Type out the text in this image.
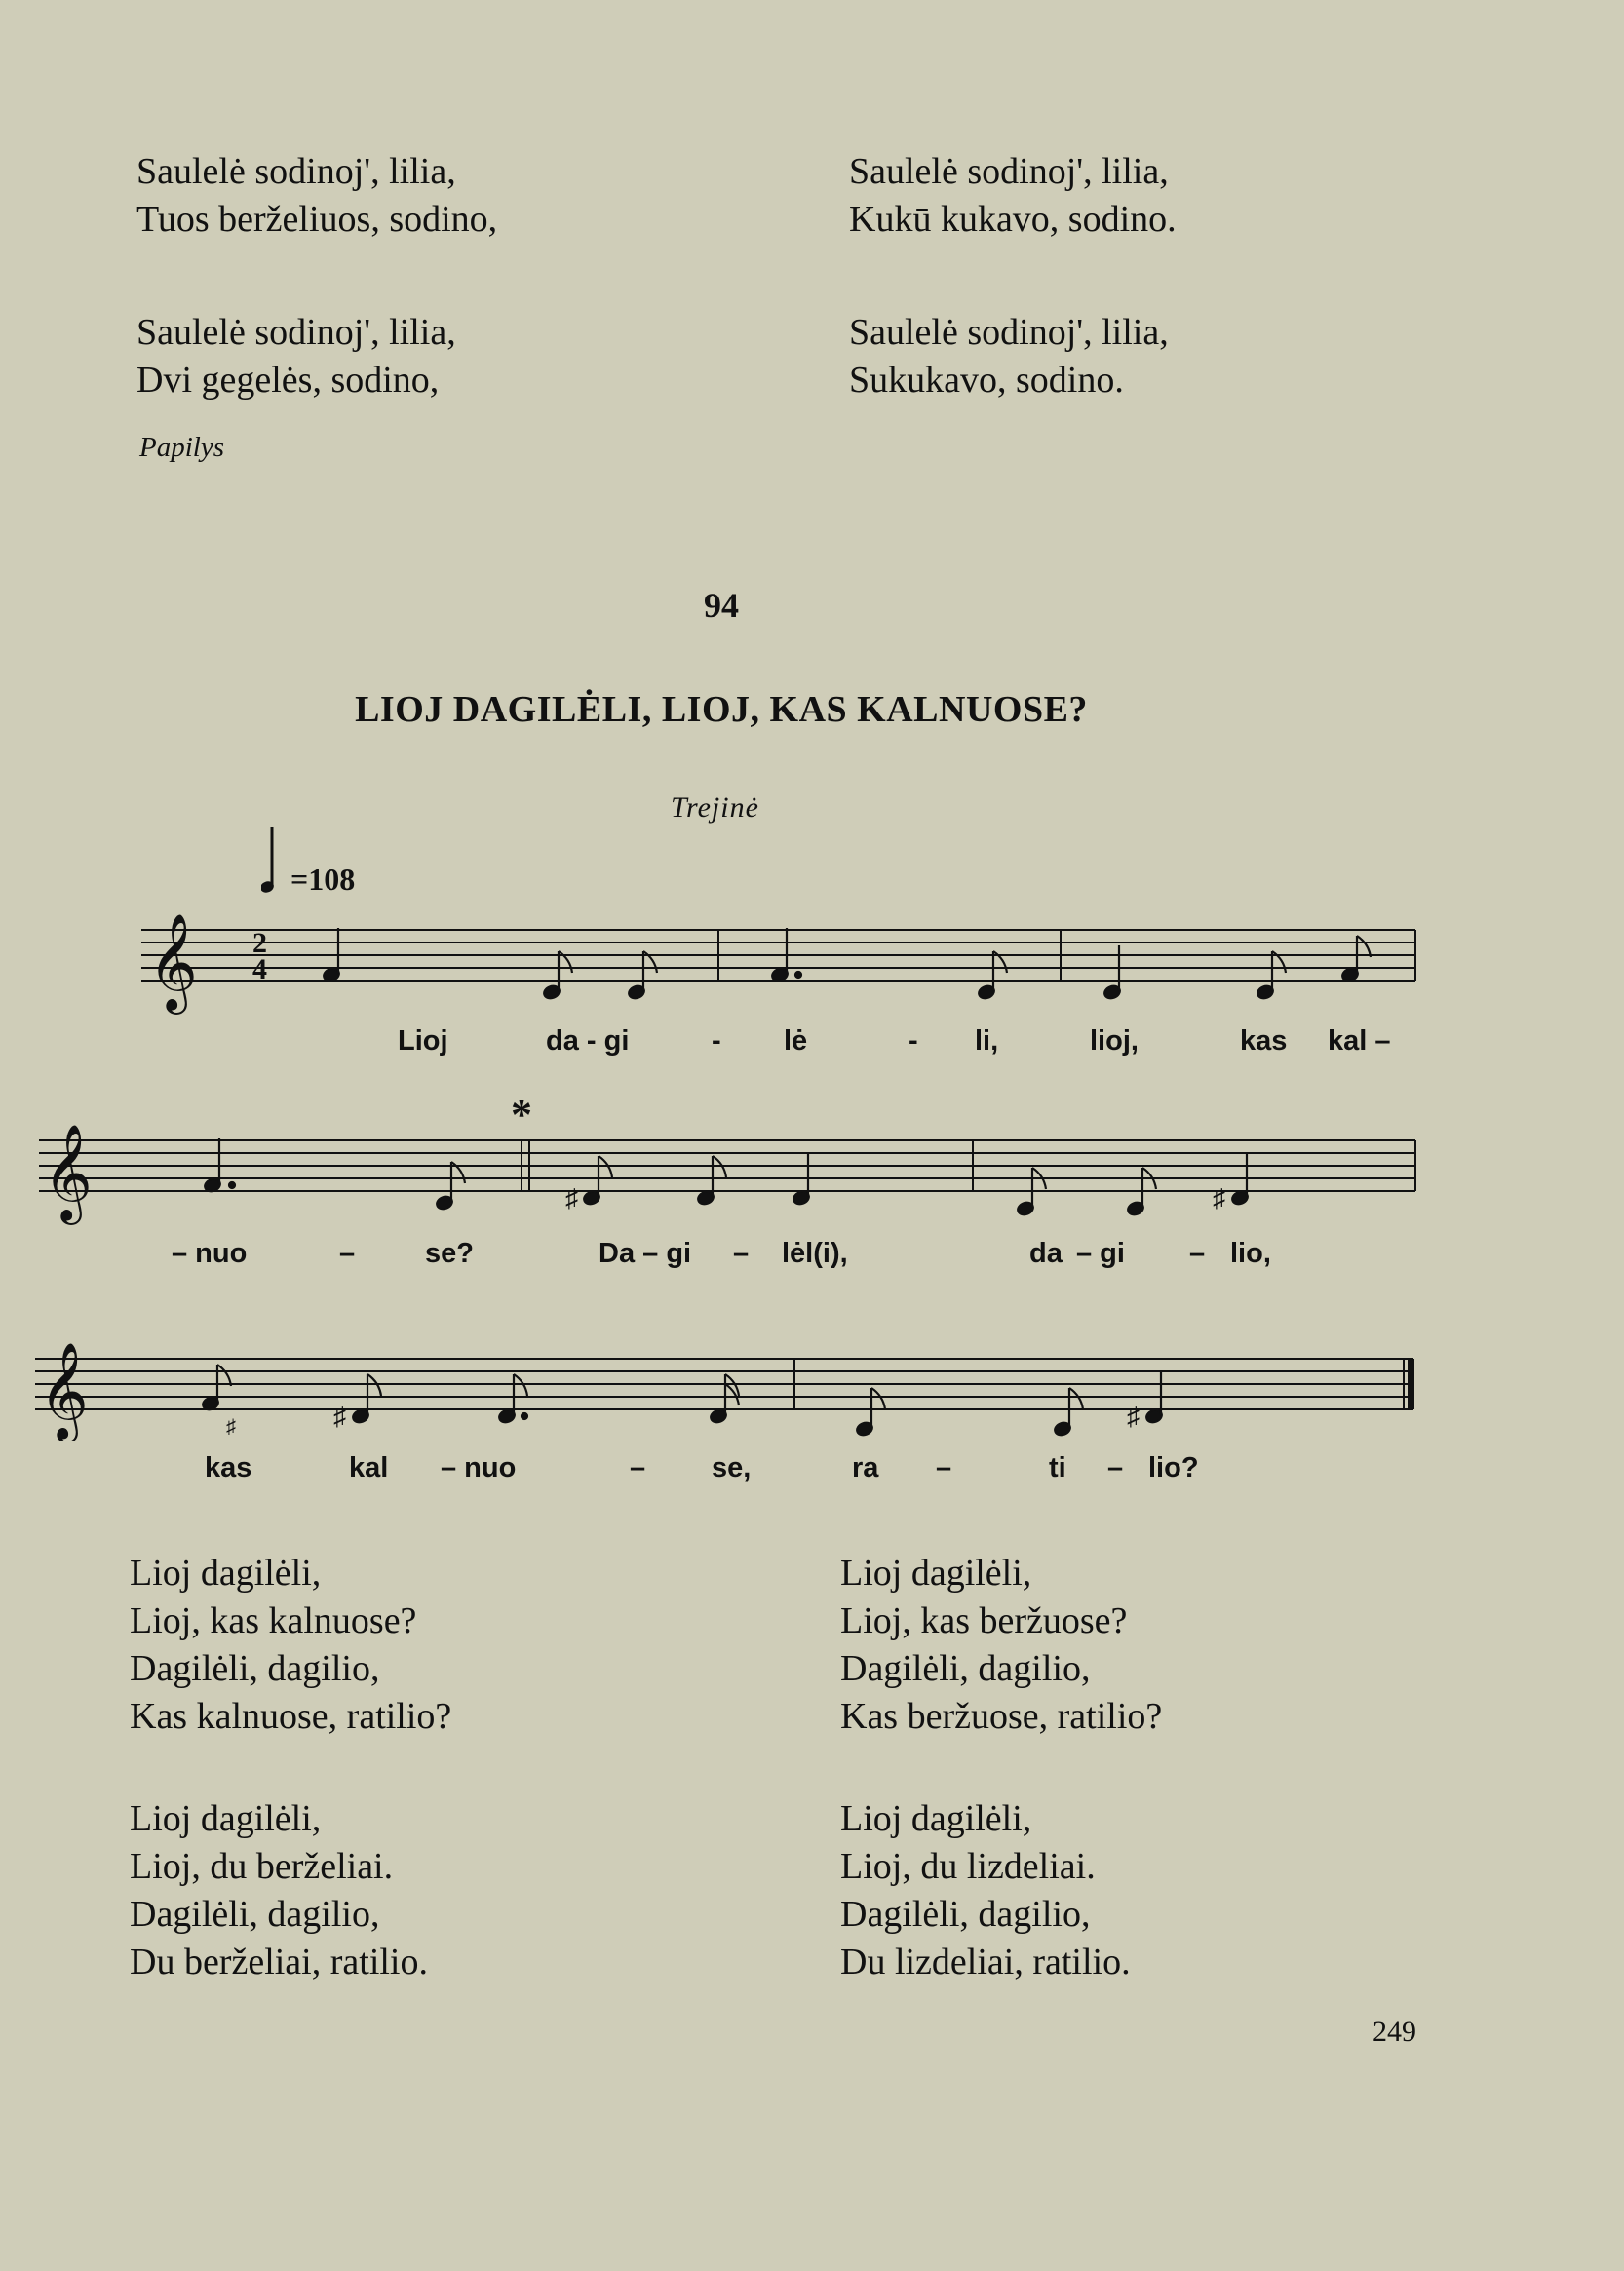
Saulelė sodinoj', lilia,
Tuos berželiuos, sodino,
Saulelė sodinoj', lilia,
Kukū kukavo, sodino.
Saulelė sodinoj', lilia,
Dvi gegelės, sodino,
Saulelė sodinoj', lilia,
Sukukavo, sodino.
Papilys
94
LIOJ DAGILĖLI, LIOJ, KAS KALNUOSE?
Trejinė
=108
𝄞 2
4
Lioj	da - gi	- lė	- li,	lioj,	kas kal –
*
𝄞	♯	♯
– nuo	– se?	Da – gi – lėl(i),	da – gi – lio,
𝄞	♯	♯	♯
kas	kal – nuo	– se,	ra –	ti – lio?
Lioj dagilėli,
Lioj, kas kalnuose?
Dagilėli, dagilio,
Kas kalnuose, ratilio?
Lioj dagilėli,
Lioj, kas beržuose?
Dagilėli, dagilio,
Kas beržuose, ratilio?
Lioj dagilėli,
Lioj, du berželiai.
Dagilėli, dagilio,
Du berželiai, ratilio.
Lioj dagilėli,
Lioj, du lizdeliai.
Dagilėli, dagilio,
Du lizdeliai, ratilio.
249
